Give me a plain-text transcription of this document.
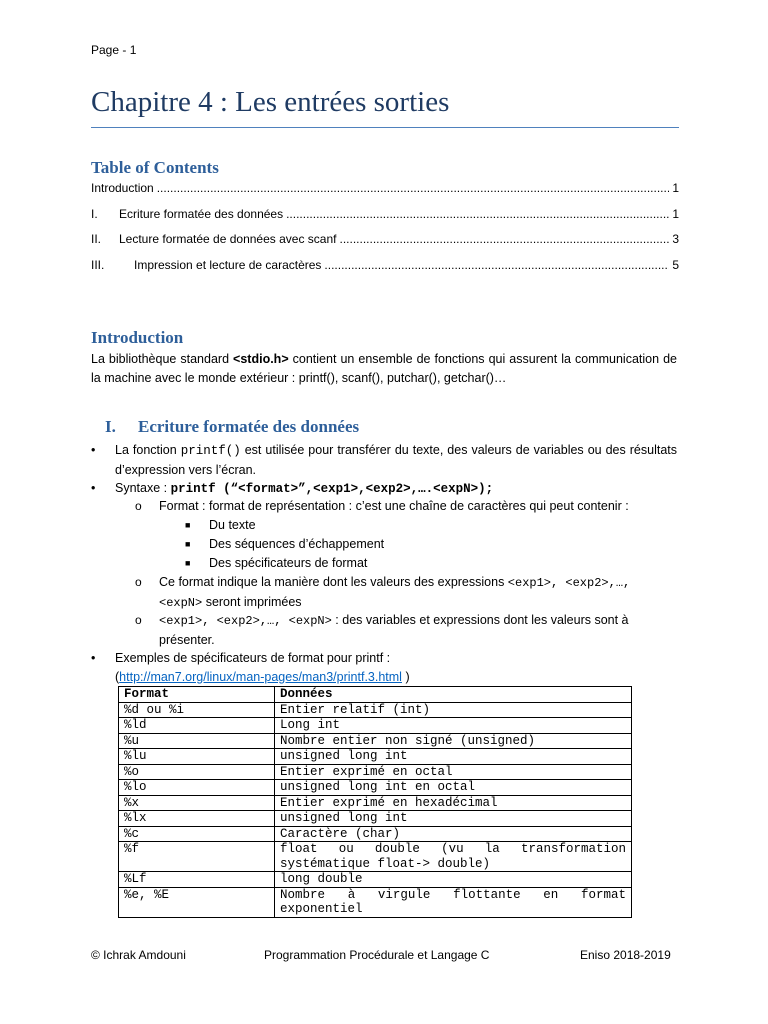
Page - 1
Chapitre 4 : Les entrées sorties
Table of Contents
Introduction .....	1
I.	Ecriture formatée des données .....	1
II.	Lecture formatée de données avec scanf .....	3
III.	Impression et lecture de caractères .....	5
Introduction
La bibliothèque standard <stdio.h> contient un ensemble de fonctions qui assurent la communication de la machine avec le monde extérieur : printf(), scanf(), putchar(), getchar()…
I. Ecriture formatée des données
• La fonction printf() est utilisée pour transférer du texte, des valeurs de variables ou des résultats d’expression vers l’écran.
• Syntaxe : printf (“<format>”,<exp1>,<exp2>,….<expN>);
o Format : format de représentation : c’est une chaîne de caractères qui peut contenir :
■ Du texte
■ Des séquences d’échappement
■ Des spécificateurs de format
o Ce format indique la manière dont les valeurs des expressions <exp1>, <exp2>,…,
<expN> seront imprimées
o <exp1>, <exp2>,…, <expN> : des variables et expressions dont les valeurs sont à
présenter.
• Exemples de spécificateurs de format pour printf :
(http://man7.org/linux/man-pages/man3/printf.3.html )
Format	Données
%d ou %i	Entier relatif (int)
%ld	Long int
%u	Nombre entier non signé (unsigned)
%lu	unsigned long int
%o	Entier exprimé en octal
%lo	unsigned long int en octal
%x	Entier exprimé en hexadécimal
%lx	unsigned long int
%c	Caractère (char)
%f	float ou double (vu la transformation systématique float-> double)
%Lf	long double
%e, %E	Nombre à virgule flottante en format exponentiel
© Ichrak Amdouni	Programmation Procédurale et Langage C	Eniso 2018-2019
